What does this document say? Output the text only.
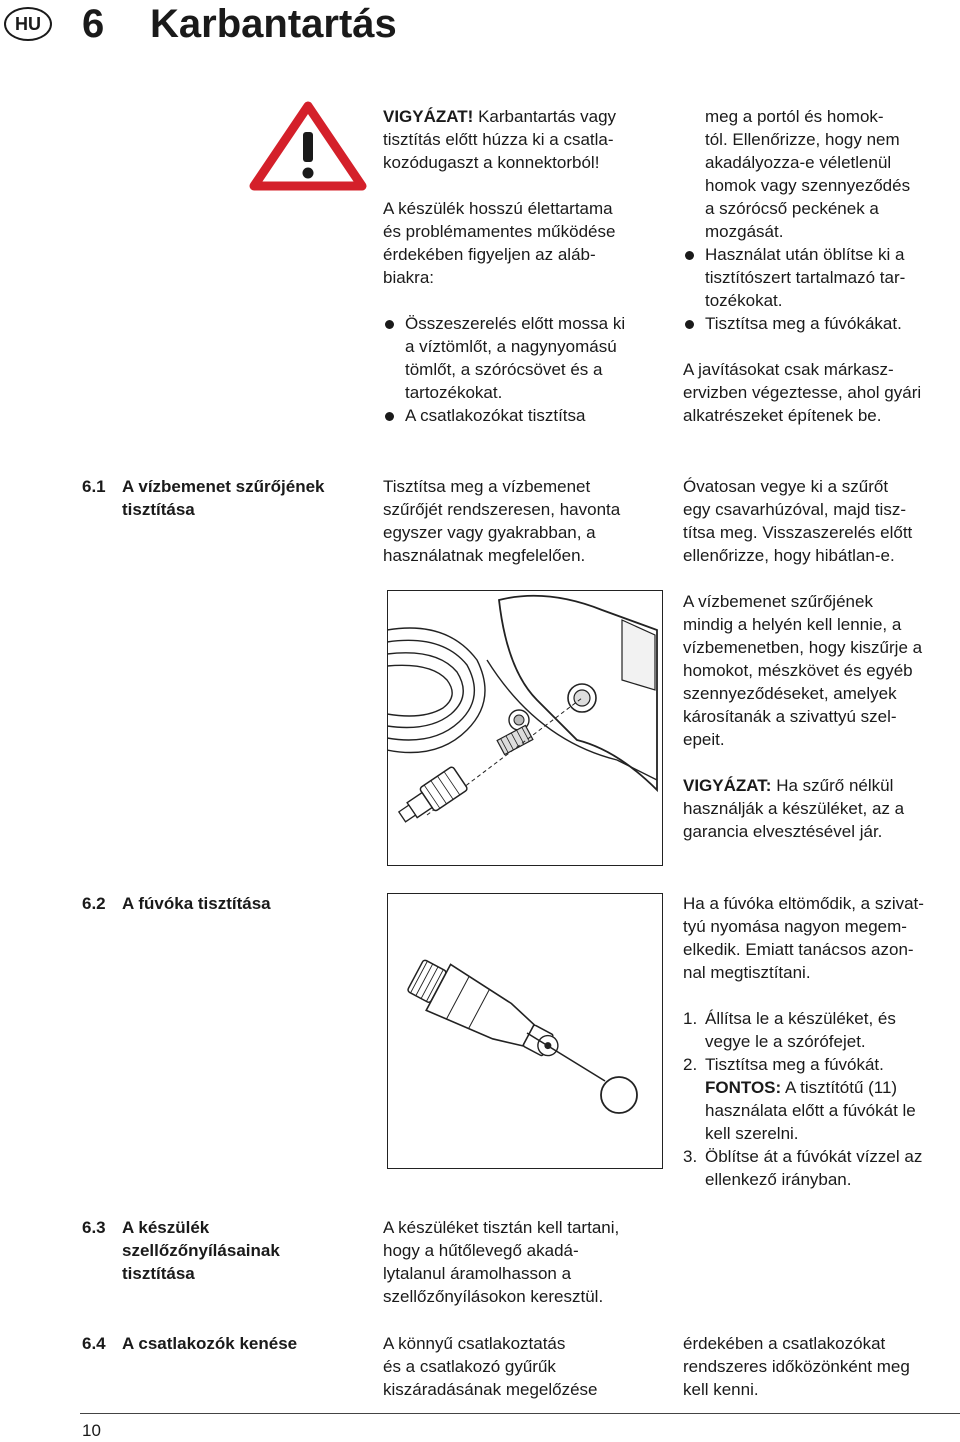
HU 6 Karbantartás

VIGYÁZAT! Karbantartás vagy
tisztítás előtt húzza ki a csatla-
kozódugaszt a konnektorból!

A készülék hosszú élettartama
és problémamentes működése
érdekében figyeljen az aláb-
biakra:

Összeszerelés előtt mossa ki
a víztömlőt, a nagynyomású
tömlőt, a szórócsövet és a
tartozékokat.
A csatlakozókat tisztítsa
meg a portól és homok-
tól. Ellenőrizze, hogy nem
akadályozza-e véletlenül
homok vagy szennyeződés
a szórócső peckének a
mozgását.
Használat után öblítse ki a
tisztítószert tartalmazó tar-
tozékokat.
Tisztítsa meg a fúvókákat.

A javításokat csak márkasz-
ervizben végeztesse, ahol gyári
alkatrészeket építenek be.

6.1 A vízbemenet szűrőjének
tisztítása
Tisztítsa meg a vízbemenet
szűrőjét rendszeresen, havonta
egyszer vagy gyakrabban, a
használatnak megfelelően.

Óvatosan vegye ki a szűrőt
egy csavarhúzóval, majd tisz-
títsa meg. Visszaszerelés előtt
ellenőrizze, hogy hibátlan-e.

A vízbemenet szűrőjének
mindig a helyén kell lennie, a
vízbemenetben, hogy kiszűrje a
homokot, mészkövet és egyéb
szennyeződéseket, amelyek
károsítanák a szivattyú szel-
epeit.

VIGYÁZAT: Ha szűrő nélkül
használják a készüléket, az a
garancia elvesztésével jár.

6.2 A fúvóka tisztítása	Ha a fúvóka eltömődik, a szivat-
tyú nyomása nagyon megem-
elkedik. Emiatt tanácsos azon-
nal megtisztítani.

1. Állítsa le a készüléket, és
vegye le a szórófejet.
2. Tisztítsa meg a fúvókát.
FONTOS: A tisztítótű (11)
használata előtt a fúvókát le
kell szerelni.
3. Öblítse át a fúvókát vízzel az
ellenkező irányban.
6.3 A készülék
szellőzőnyílásainak
tisztítása
A készüléket tisztán kell tartani,
hogy a hűtőlevegő akadá-
lytalanul áramolhasson a
szellőzőnyílásokon keresztül.
6.4 A csatlakozók kenése	A könnyű csatlakoztatás
és a csatlakozó gyűrűk
kiszáradásának megelőzése
érdekében a csatlakozókat
rendszeres időközönként meg
kell kenni.
10
